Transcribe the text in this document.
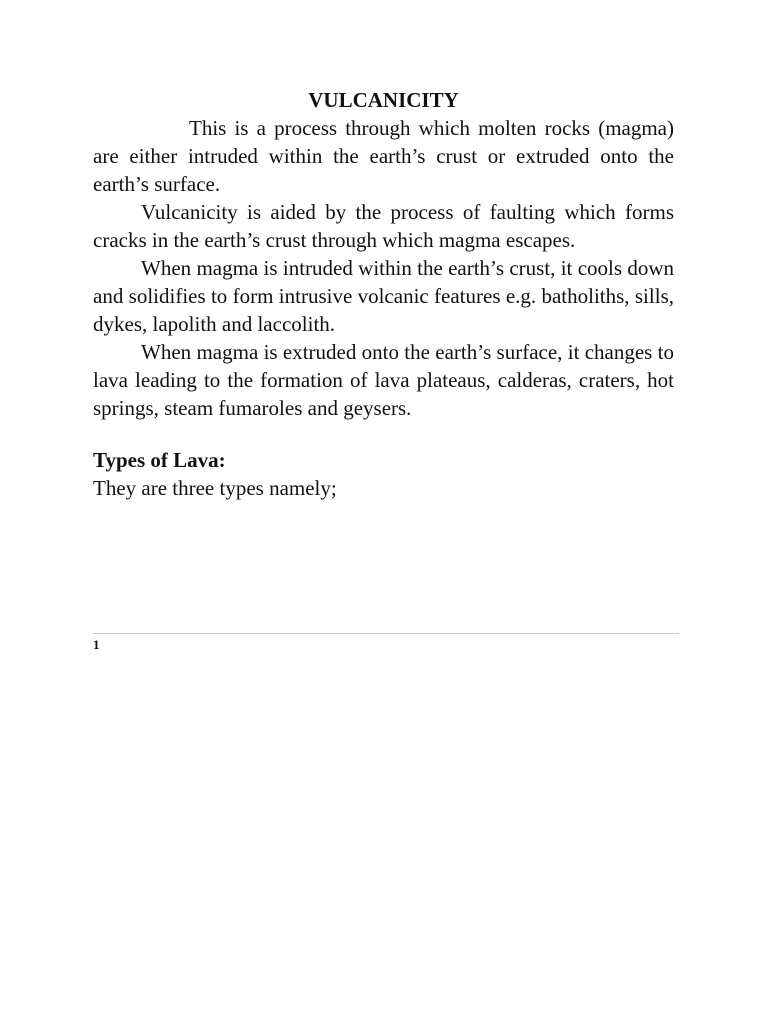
VULCANICITY

This is a process through which molten rocks (magma) are either intruded within the earth’s crust or extruded onto the earth’s surface.

Vulcanicity is aided by the process of faulting which forms cracks in the earth’s crust through which magma escapes.

When magma is intruded within the earth’s crust, it cools down and solidifies to form intrusive volcanic features e.g. batholiths, sills, dykes, lapolith and laccolith.

When magma is extruded onto the earth’s surface, it changes to lava leading to the formation of lava plateaus, calderas, craters, hot springs, steam fumaroles and geysers.

Types of Lava:

They are three types namely;

1
